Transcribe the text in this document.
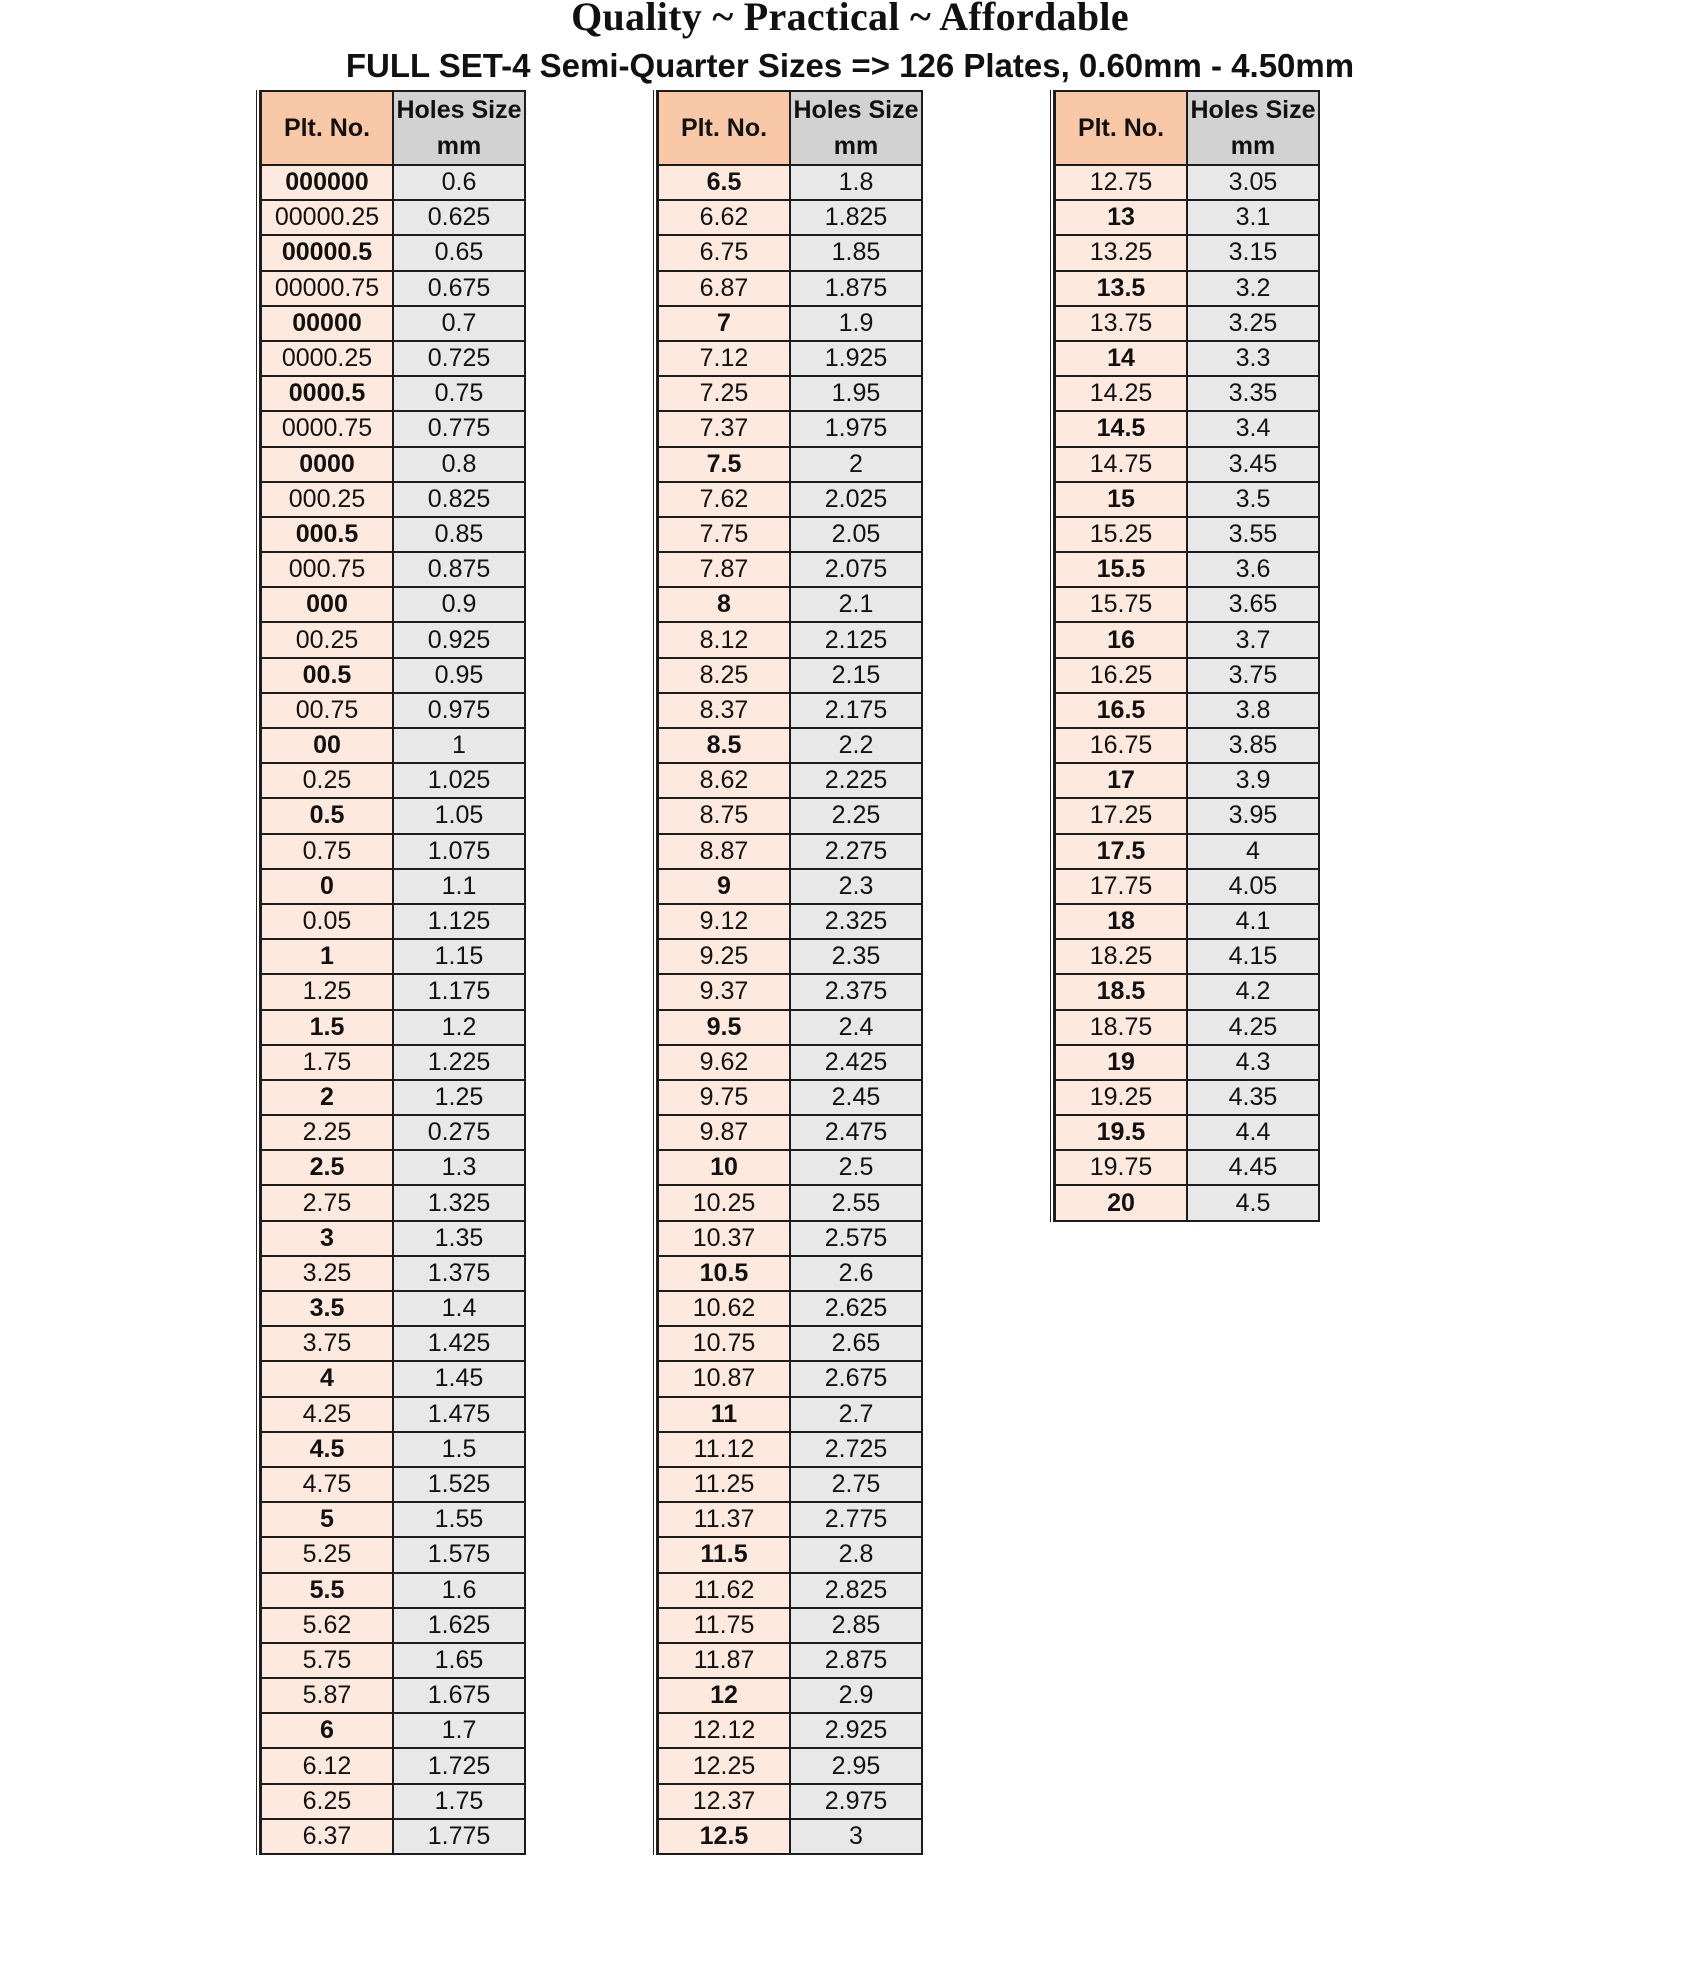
Quality ~ Practical ~ Affordable
FULL SET-4 Semi-Quarter Sizes => 126 Plates, 0.60mm - 4.50mm
Plt. No.	Holes Size
mm

000000	0.6
00000.25	0.625
00000.5	0.65
00000.75	0.675
00000	0.7
0000.25	0.725
0000.5	0.75
0000.75	0.775
0000	0.8
000.25	0.825
000.5	0.85
000.75	0.875
000	0.9
00.25	0.925
00.5	0.95
00.75	0.975
00	1
0.25	1.025
0.5	1.05
0.75	1.075
0	1.1
0.05	1.125
1	1.15
1.25	1.175
1.5	1.2
1.75	1.225
2	1.25
2.25	0.275
2.5	1.3
2.75	1.325
3	1.35
3.25	1.375
3.5	1.4
3.75	1.425
4	1.45
4.25	1.475
4.5	1.5
4.75	1.525
5	1.55
5.25	1.575
5.5	1.6
5.62	1.625
5.75	1.65
5.87	1.675
6	1.7
6.12	1.725
6.25	1.75
6.37	1.775
Plt. No.	Holes Size
mm

6.5	1.8
6.62	1.825
6.75	1.85
6.87	1.875
7	1.9
7.12	1.925
7.25	1.95
7.37	1.975
7.5	2
7.62	2.025
7.75	2.05
7.87	2.075
8	2.1
8.12	2.125
8.25	2.15
8.37	2.175
8.5	2.2
8.62	2.225
8.75	2.25
8.87	2.275
9	2.3
9.12	2.325
9.25	2.35
9.37	2.375
9.5	2.4
9.62	2.425
9.75	2.45
9.87	2.475
10	2.5
10.25	2.55
10.37	2.575
10.5	2.6
10.62	2.625
10.75	2.65
10.87	2.675
11	2.7
11.12	2.725
11.25	2.75
11.37	2.775
11.5	2.8
11.62	2.825
11.75	2.85
11.87	2.875
12	2.9
12.12	2.925
12.25	2.95
12.37	2.975
12.5	3
Plt. No.	Holes Size
mm

12.75	3.05
13	3.1
13.25	3.15
13.5	3.2
13.75	3.25
14	3.3
14.25	3.35
14.5	3.4
14.75	3.45
15	3.5
15.25	3.55
15.5	3.6
15.75	3.65
16	3.7
16.25	3.75
16.5	3.8
16.75	3.85
17	3.9
17.25	3.95
17.5	4
17.75	4.05
18	4.1
18.25	4.15
18.5	4.2
18.75	4.25
19	4.3
19.25	4.35
19.5	4.4
19.75	4.45
20	4.5
